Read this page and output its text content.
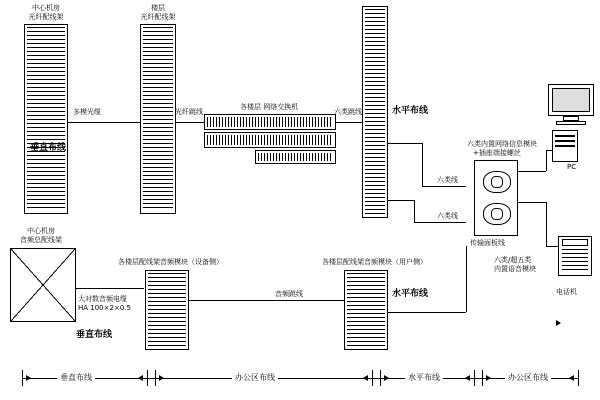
中心机房
光纤配线架
垂直布线
楼层
光纤配线架
多模光缆	光纤跳线
各楼层 网络交换机
六类跳线	水平布线
六类线
六类线
六类内置网络信息模块
+插座端接螺丝
传输面板线
PC
电话机
六类/超五类
内置语音模块
中心机房
音频总配线架
垂直布线
大对数音频电缆
HA 100×2×0.5
各楼层配线架音频模块（设备侧）
音频跳线
各楼层配线架音频模块（用户侧）
水平布线
垂直布线	办公区布线	水平布线	办公区布线
